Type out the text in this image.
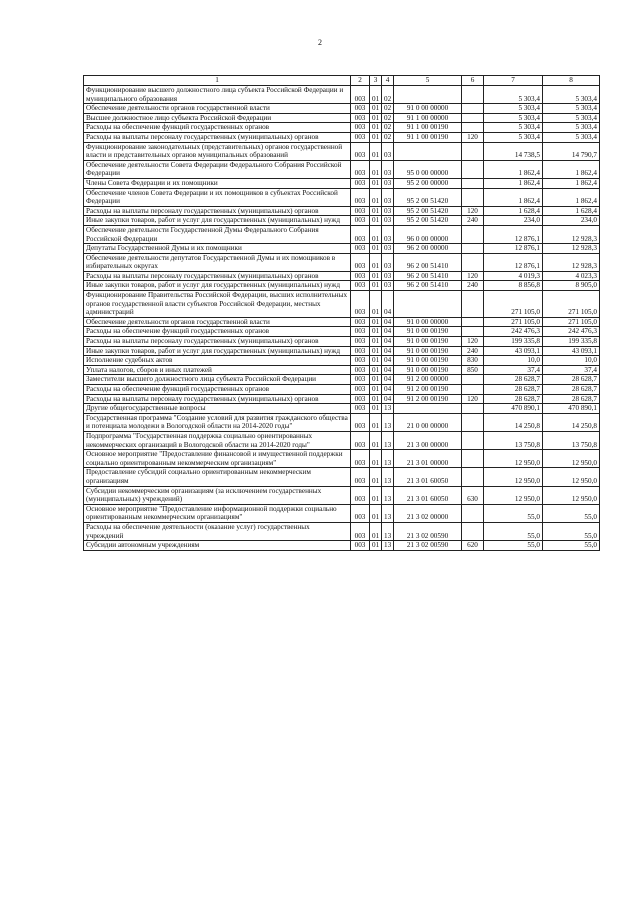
2
1	2	3	4	5	6	7	8
Функционирование высшего должностного лица субъекта Российской Федерации и муниципального образования	003	01	02			5 303,4	5 303,4
Обеспечение деятельности органов государственной власти	003	01	02	91 0 00 00000		5 303,4	5 303,4
Высшее должностное лицо субъекта Российской Федерации	003	01	02	91 1 00 00000		5 303,4	5 303,4
Расходы на обеспечение функций государственных органов	003	01	02	91 1 00 00190		5 303,4	5 303,4
Расходы на выплаты персоналу государственных (муниципальных) органов	003	01	02	91 1 00 00190	120	5 303,4	5 303,4
Функционирование законодательных (представительных) органов государственной власти и представительных органов муниципальных образований	003	01	03			14 738,5	14 790,7
Обеспечение деятельности Совета Федерации Федерального Собрания Российской Федерации	003	01	03	95 0 00 00000		1 862,4	1 862,4
Члены Совета Федерации и их помощники	003	01	03	95 2 00 00000		1 862,4	1 862,4
Обеспечение членов Совета Федерации и их помощников в субъектах Российской Федерации	003	01	03	95 2 00 51420		1 862,4	1 862,4
Расходы на выплаты персоналу государственных (муниципальных) органов	003	01	03	95 2 00 51420	120	1 628,4	1 628,4
Иные закупки товаров, работ и услуг для государственных (муниципальных) нужд	003	01	03	95 2 00 51420	240	234,0	234,0
Обеспечение деятельности Государственной Думы Федерального Собрания Российской Федерации	003	01	03	96 0 00 00000		12 876,1	12 928,3
Депутаты Государственной Думы и их помощники	003	01	03	96 2 00 00000		12 876,1	12 928,3
Обеспечение деятельности депутатов Государственной Думы и их помощников в избирательных округах	003	01	03	96 2 00 51410		12 876,1	12 928,3
Расходы на выплаты персоналу государственных (муниципальных) органов	003	01	03	96 2 00 51410	120	4 019,3	4 023,3
Иные закупки товаров, работ и услуг для государственных (муниципальных) нужд	003	01	03	96 2 00 51410	240	8 856,8	8 905,0
Функционирование Правительства Российской Федерации, высших исполнительных органов государственной власти субъектов Российской Федерации, местных администраций	003	01	04			271 105,0	271 105,0
Обеспечение деятельности органов государственной власти	003	01	04	91 0 00 00000		271 105,0	271 105,0
Расходы на обеспечение функций государственных органов	003	01	04	91 0 00 00190		242 476,3	242 476,3
Расходы на выплаты персоналу государственных (муниципальных) органов	003	01	04	91 0 00 00190	120	199 335,8	199 335,8
Иные закупки товаров, работ и услуг для государственных (муниципальных) нужд	003	01	04	91 0 00 00190	240	43 093,1	43 093,1
Исполнение судебных актов	003	01	04	91 0 00 00190	830	10,0	10,0
Уплата налогов, сборов и иных платежей	003	01	04	91 0 00 00190	850	37,4	37,4
Заместители высшего должностного лица субъекта Российской Федерации	003	01	04	91 2 00 00000		28 628,7	28 628,7
Расходы на обеспечение функций государственных органов	003	01	04	91 2 00 00190		28 628,7	28 628,7
Расходы на выплаты персоналу государственных (муниципальных) органов	003	01	04	91 2 00 00190	120	28 628,7	28 628,7
Другие общегосударственные вопросы	003	01	13			470 890,1	470 890,1
Государственная программа "Создание условий для развития гражданского общества и потенциала молодежи в Вологодской области на 2014-2020 годы"	003	01	13	21 0 00 00000		14 250,8	14 250,8
Подпрограмма "Государственная поддержка социально ориентированных некоммерческих организаций в Вологодской области на 2014-2020 годы"	003	01	13	21 3 00 00000		13 750,8	13 750,8
Основное мероприятие "Предоставление финансовой и имущественной поддержки социально ориентированным некоммерческим организациям"	003	01	13	21 3 01 00000		12 950,0	12 950,0
Предоставление субсидий социально ориентированным некоммерческим организациям	003	01	13	21 3 01 60050		12 950,0	12 950,0
Субсидии некоммерческим организациям (за исключением государственных (муниципальных) учреждений)	003	01	13	21 3 01 60050	630	12 950,0	12 950,0
Основное мероприятие "Предоставление информационной поддержки социально ориентированным некоммерческим организациям"	003	01	13	21 3 02 00000		55,0	55,0
Расходы на обеспечение деятельности (оказание услуг) государственных учреждений	003	01	13	21 3 02 00590		55,0	55,0
Субсидии автономным учреждениям	003	01	13	21 3 02 00590	620	55,0	55,0
